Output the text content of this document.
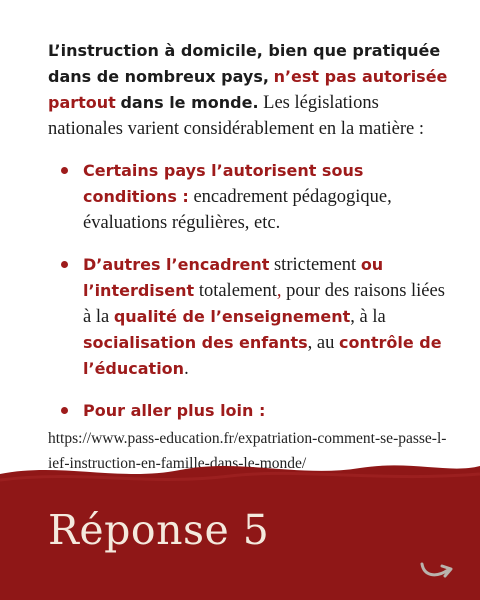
L’instruction à domicile, bien que pratiquée dans de nombreux pays, n’est pas autorisée partout dans le monde. Les législations nationales varient considérablement en la matière :

Certains pays l’autorisent sous conditions : encadrement pédagogique, évaluations régulières, etc.
D’autres l’encadrent strictement ou l’interdisent totalement, pour des raisons liées à la qualité de l’enseignement, à la socialisation des enfants, au contrôle de l’éducation.
Pour aller plus loin :
https://www.pass-education.fr/expatriation-comment-se-passe-l-ief-instruction-en-famille-dans-le-monde/
Réponse 5
